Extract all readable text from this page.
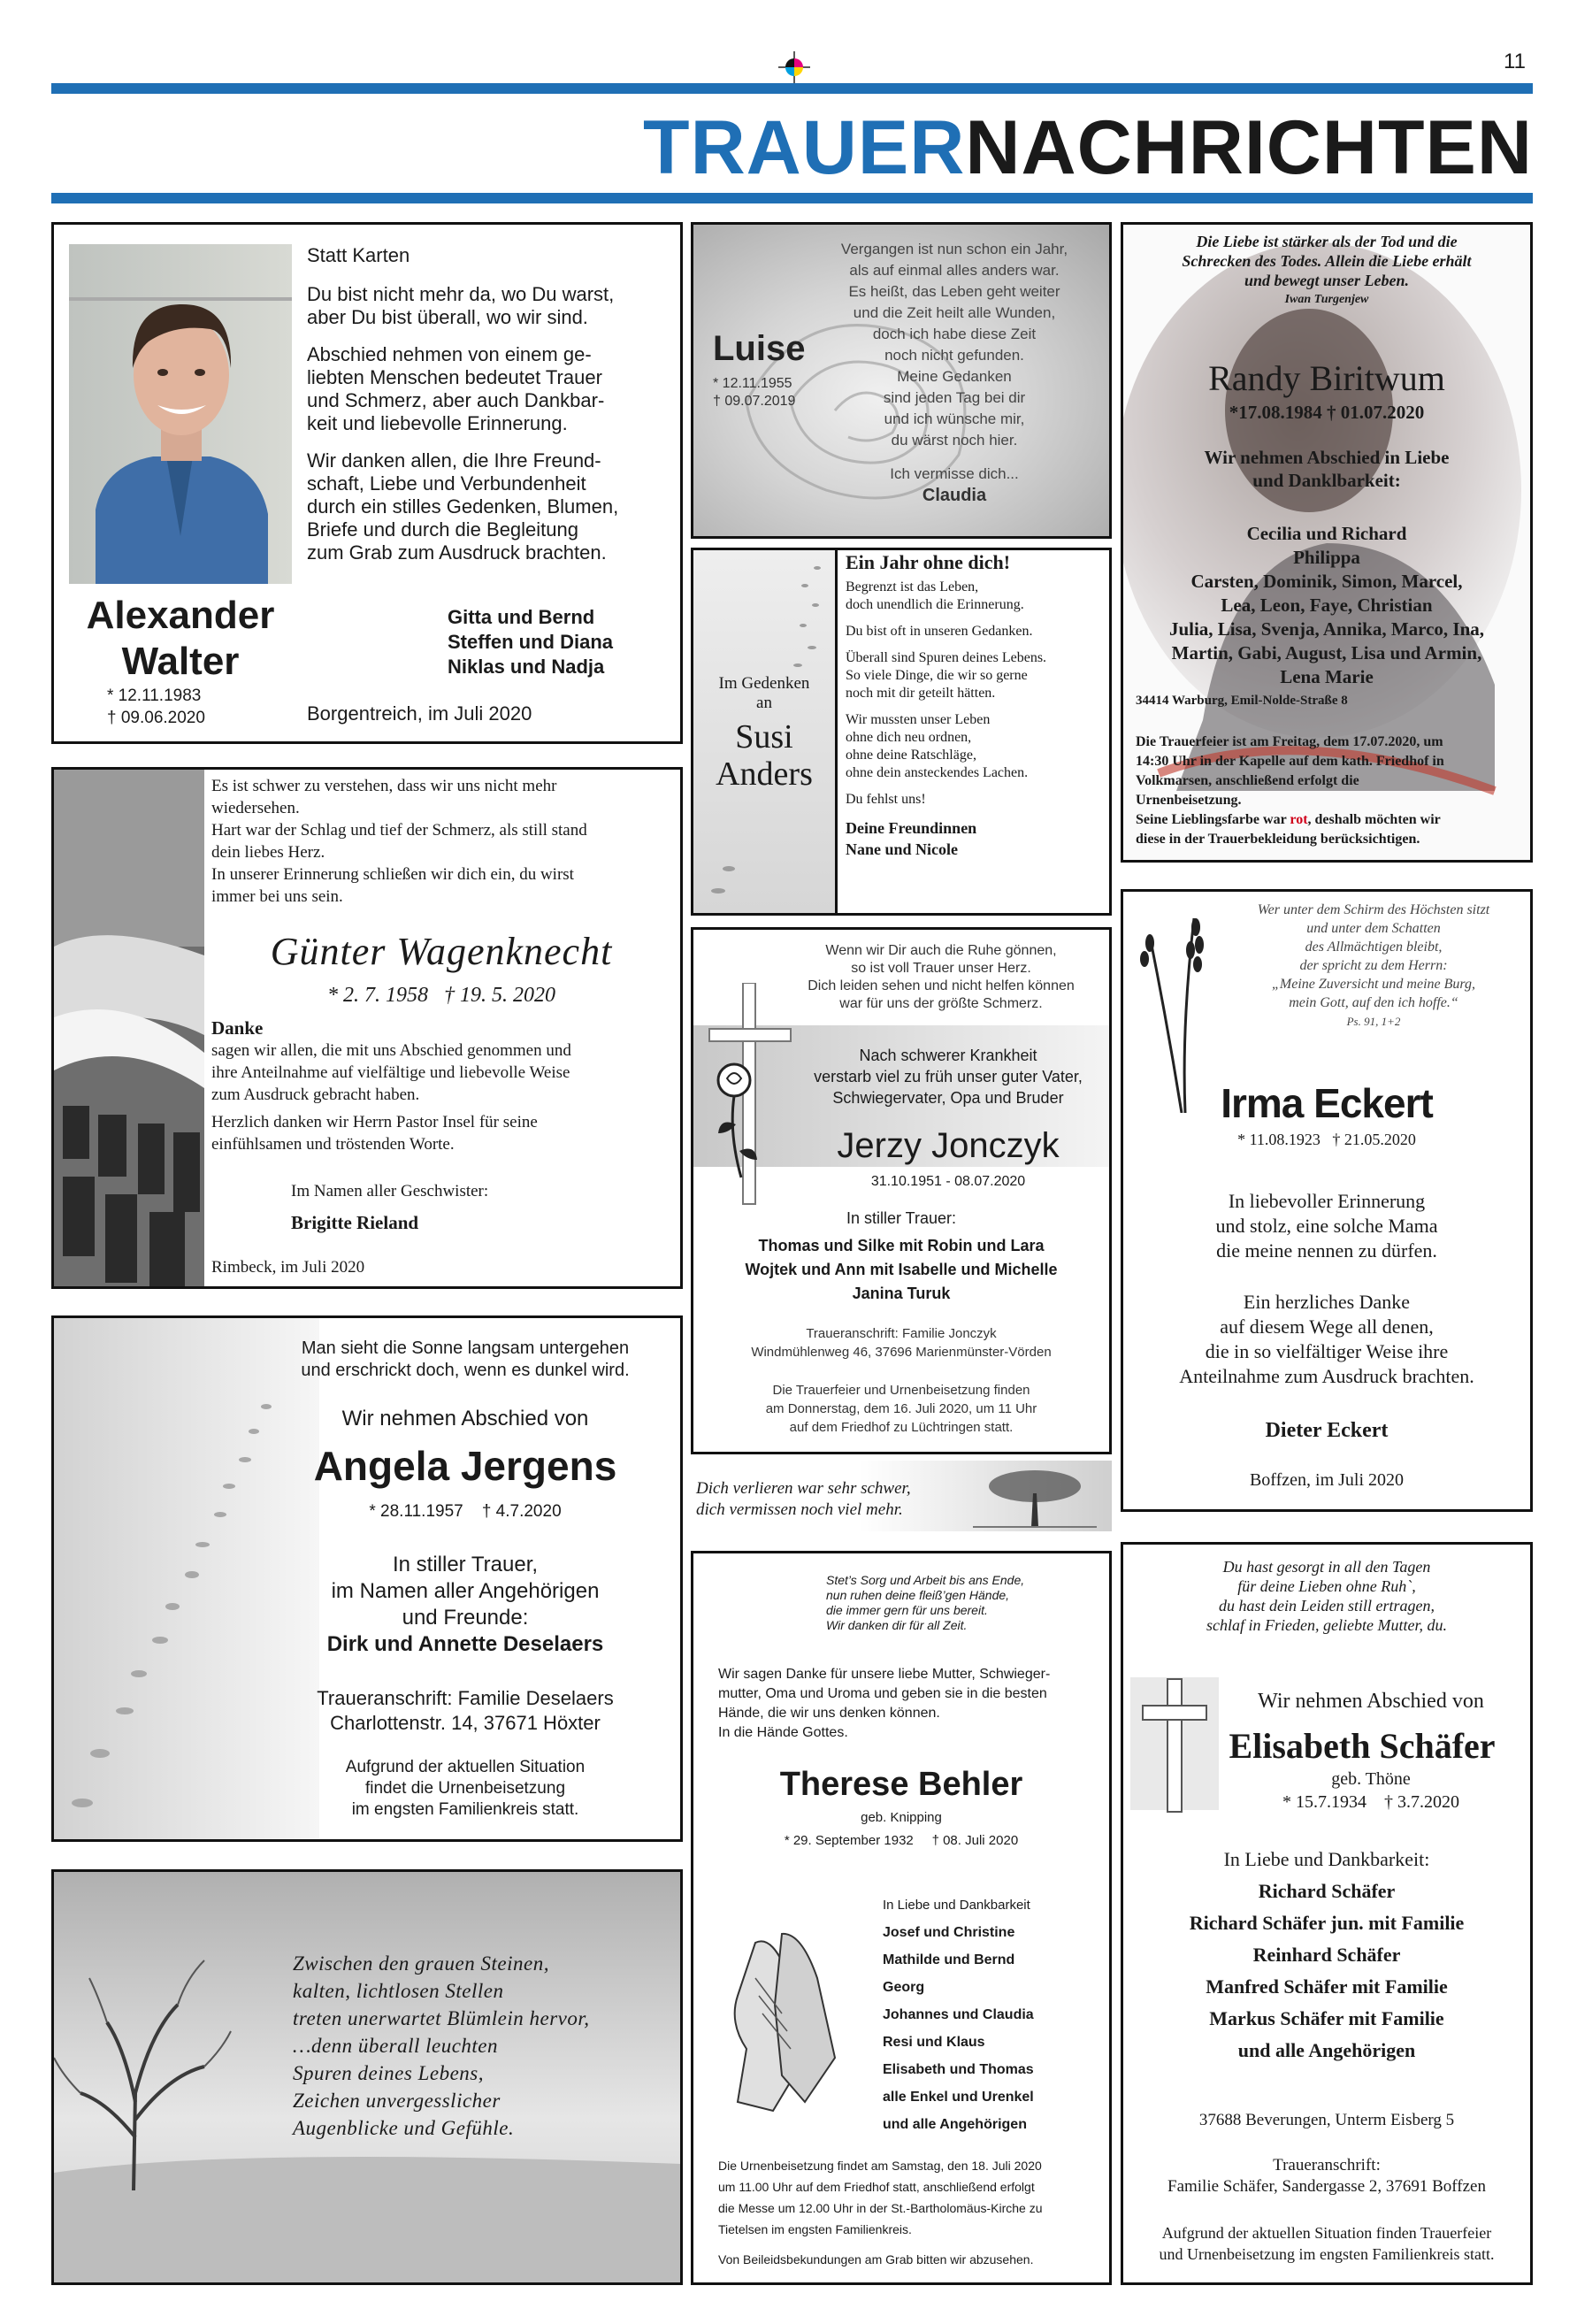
11
TRAUERNACHRICHTEN
Alexander
Walter
* 12.11.1983
† 09.06.2020
Statt Karten
Du bist nicht mehr da, wo Du warst,
aber Du bist überall, wo wir sind.
Abschied nehmen von einem ge-
liebten Menschen bedeutet Trauer
und Schmerz, aber auch Dankbar-
keit und liebevolle Erinnerung.
Wir danken allen, die Ihre Freund-
schaft, Liebe und Verbundenheit
durch ein stilles Gedenken, Blumen,
Briefe und durch die Begleitung
zum Grab zum Ausdruck brachten.
Gitta und Bernd
Steffen und Diana
Niklas und Nadja
Borgentreich, im Juli 2020
Vergangen ist nun schon ein Jahr,
als auf einmal alles anders war.
Es heißt, das Leben geht weiter
und die Zeit heilt alle Wunden,
doch ich habe diese Zeit
noch nicht gefunden.
Meine Gedanken
sind jeden Tag bei dir
und ich wünsche mir,
du wärst noch hier.
Ich vermisse dich...
Claudia
Luise
* 12.11.1955
† 09.07.2019
Die Liebe ist stärker als der Tod und die
Schrecken des Todes. Allein die Liebe erhält
und bewegt unser Leben.
Iwan Turgenjew
Randy Biritwum
*17.08.1984 † 01.07.2020
Wir nehmen Abschied in Liebe
und Danklbarkeit:
Cecilia und Richard
Philippa
Carsten, Dominik, Simon, Marcel,
Lea, Leon, Faye, Christian
Julia, Lisa, Svenja, Annika, Marco, Ina,
Martin, Gabi, August, Lisa und Armin,
Lena Marie
34414 Warburg, Emil-Nolde-Straße 8
Die Trauerfeier ist am Freitag, dem 17.07.2020, um
14:30 Uhr in der Kapelle auf dem kath. Friedhof in
Volkmarsen, anschließend erfolgt die
Urnenbeisetzung.
Seine Lieblingsfarbe war rot, deshalb möchten wir
diese in der Trauerbekleidung berücksichtigen.
Im Gedenken
an
Susi
Anders
Ein Jahr ohne dich!
Begrenzt ist das Leben,
doch unendlich die Erinnerung.
Du bist oft in unseren Gedanken.
Überall sind Spuren deines Lebens.
So viele Dinge, die wir so gerne
noch mit dir geteilt hätten.
Wir mussten unser Leben
ohne dich neu ordnen,
ohne deine Ratschläge,
ohne dein ansteckendes Lachen.
Du fehlst uns!
Deine Freundinnen
Nane und Nicole
Es ist schwer zu verstehen, dass wir uns nicht mehr
wiedersehen.
Hart war der Schlag und tief der Schmerz, als still stand
dein liebes Herz.
In unserer Erinnerung schließen wir dich ein, du wirst
immer bei uns sein.
Günter Wagenknecht
* 2. 7. 1958   † 19. 5. 2020
Danke
sagen wir allen, die mit uns Abschied genommen und
ihre Anteilnahme auf vielfältige und liebevolle Weise
zum Ausdruck gebracht haben.
Herzlich danken wir Herrn Pastor Insel für seine
einfühlsamen und tröstenden Worte.
Im Namen aller Geschwister:
Brigitte Rieland
Rimbeck, im Juli 2020
Wenn wir Dir auch die Ruhe gönnen,
so ist voll Trauer unser Herz.
Dich leiden sehen und nicht helfen können
war für uns der größte Schmerz.
Nach schwerer Krankheit
verstarb viel zu früh unser guter Vater,
Schwiegervater, Opa und Bruder
Jerzy Jonczyk
31.10.1951 - 08.07.2020
In stiller Trauer:
Thomas und Silke mit Robin und Lara
Wojtek und Ann mit Isabelle und Michelle
Janina Turuk
Traueranschrift: Familie Jonczyk
Windmühlenweg 46, 37696 Marienmünster-Vörden
Die Trauerfeier und Urnenbeisetzung finden
am Donnerstag, dem 16. Juli 2020, um 11 Uhr
auf dem Friedhof zu Lüchtringen statt.
Wer unter dem Schirm des Höchsten sitzt
und unter dem Schatten
des Allmächtigen bleibt,
der spricht zu dem Herrn:
„Meine Zuversicht und meine Burg,
mein Gott, auf den ich hoffe.“
Ps. 91, 1+2
Irma Eckert
* 11.08.1923   † 21.05.2020
In liebevoller Erinnerung
und stolz, eine solche Mama
die meine nennen zu dürfen.
Ein herzliches Danke
auf diesem Wege all denen,
die in so vielfältiger Weise ihre
Anteilnahme zum Ausdruck brachten.
Dieter Eckert
Boffzen, im Juli 2020
Man sieht die Sonne langsam untergehen
und erschrickt doch, wenn es dunkel wird.
Wir nehmen Abschied von
Angela Jergens
* 28.11.1957    † 4.7.2020
In stiller Trauer,
im Namen aller Angehörigen
und Freunde:
Dirk und Annette Deselaers
Traueranschrift: Familie Deselaers
Charlottenstr. 14, 37671 Höxter
Aufgrund der aktuellen Situation
findet die Urnenbeisetzung
im engsten Familienkreis statt.
Dich verlieren war sehr schwer,
dich vermissen noch viel mehr.
Stet’s Sorg und Arbeit bis ans Ende,
nun ruhen deine fleiß’gen Hände,
die immer gern für uns bereit.
Wir danken dir für all Zeit.
Wir sagen Danke für unsere liebe Mutter, Schwieger-
mutter, Oma und Uroma und geben sie in die besten
Hände, die wir uns denken können.
In die Hände Gottes.
Therese Behler
geb. Knipping
* 29. September 1932     † 08. Juli 2020
In Liebe und Dankbarkeit
Josef und Christine
Mathilde und Bernd
Georg
Johannes und Claudia
Resi und Klaus
Elisabeth und Thomas
alle Enkel und Urenkel
und alle Angehörigen
Die Urnenbeisetzung findet am Samstag, den 18. Juli 2020
um 11.00 Uhr auf dem Friedhof statt, anschließend erfolgt
die Messe um 12.00 Uhr in der St.-Bartholomäus-Kirche zu
Tietelsen im engsten Familienkreis.
Von Beileidsbekundungen am Grab bitten wir abzusehen.
Du hast gesorgt in all den Tagen
für deine Lieben ohne Ruh`,
du hast dein Leiden still ertragen,
schlaf in Frieden, geliebte Mutter, du.
Wir nehmen Abschied von
Elisabeth Schäfer
geb. Thöne
* 15.7.1934    † 3.7.2020
In Liebe und Dankbarkeit:
Richard Schäfer
Richard Schäfer jun. mit Familie
Reinhard Schäfer
Manfred Schäfer mit Familie
Markus Schäfer mit Familie
und alle Angehörigen
37688 Beverungen, Unterm Eisberg 5
Traueranschrift:
Familie Schäfer, Sandergasse 2, 37691 Boffzen
Aufgrund der aktuellen Situation finden Trauerfeier
und Urnenbeisetzung im engsten Familienkreis statt.
Zwischen den grauen Steinen,
kalten, lichtlosen Stellen
treten unerwartet Blümlein hervor,
…denn überall leuchten
Spuren deines Lebens,
Zeichen unvergesslicher
Augenblicke und Gefühle.
